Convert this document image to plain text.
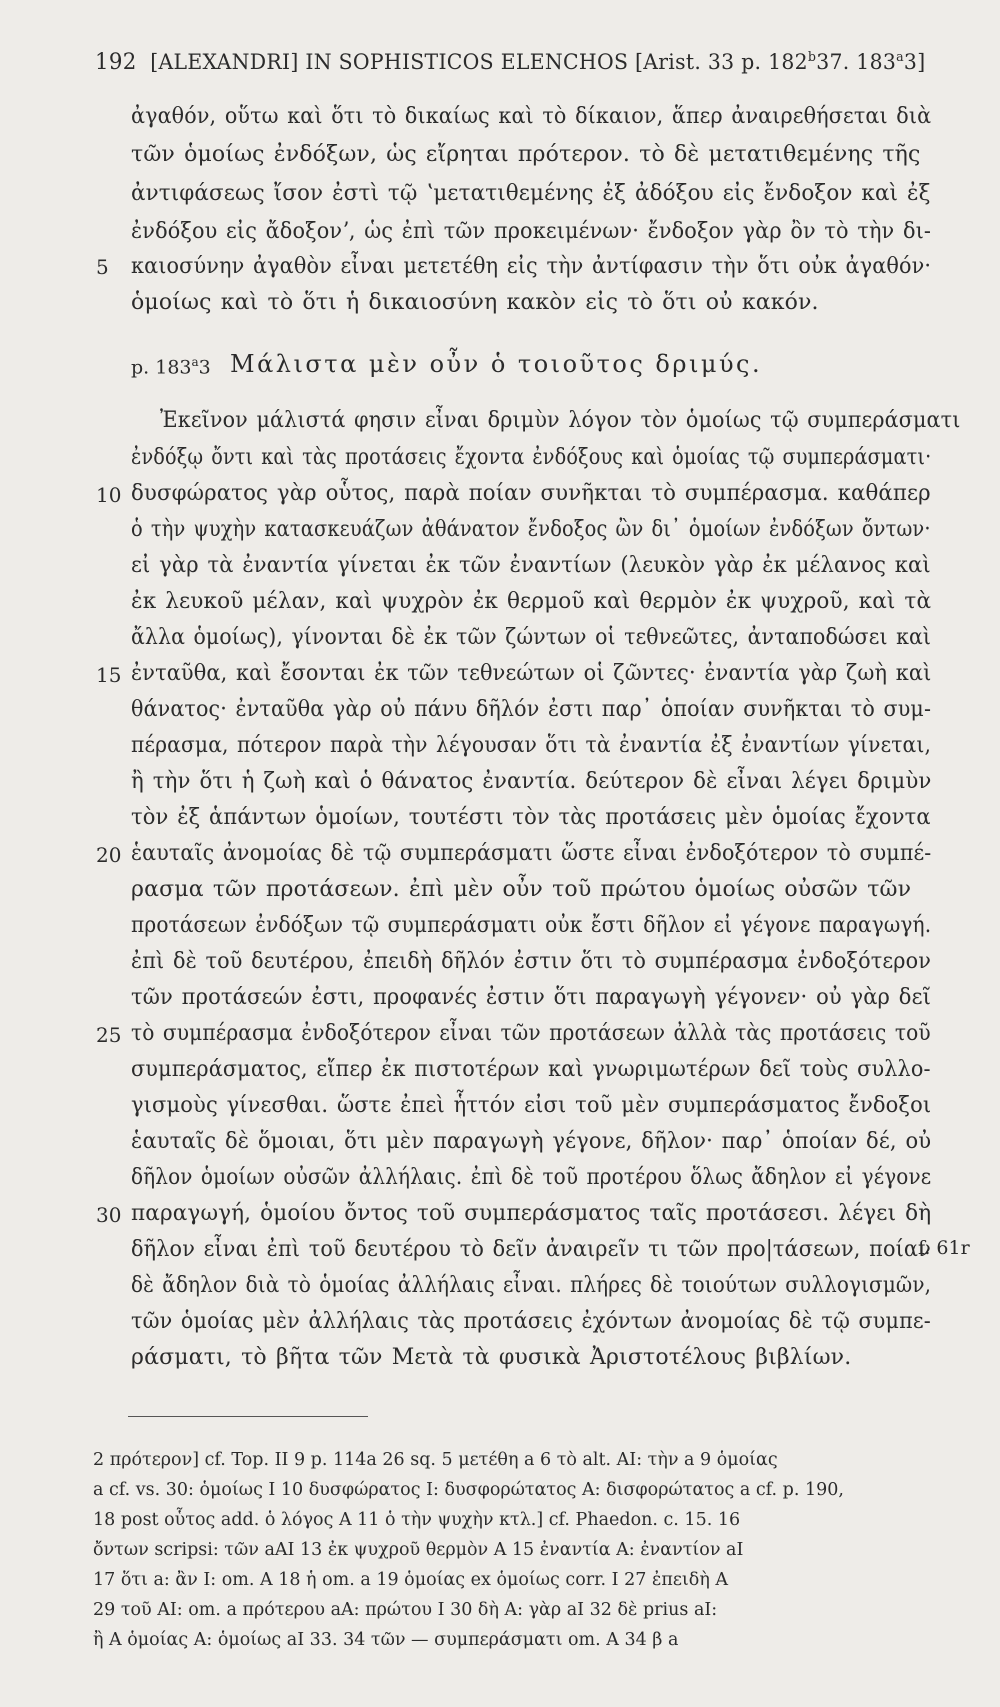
192 [ALEXANDRI] IN SOPHISTICOS ELENCHOS [Arist. 33 p. 182$^b$37. 183$^a$3]
ἀγαθόν, οὕτω καὶ ὅτι τὸ δικαίως καὶ τὸ δίκαιον, ἅπερ ἀναιρεθήσεται διὰ
τῶν ὁμοίως ἐνδόξων, ὡς εἴρηται πρότερον. τὸ δὲ μετατιθεμένης τῆς
ἀντιφάσεως ἴσον ἐστὶ τῷ ʽμετατιθεμένης ἐξ ἀδόξου εἰς ἔνδοξον καὶ ἐξ
ἐνδόξου εἰς ἄδοξονʼ, ὡς ἐπὶ τῶν προκειμένων· ἔνδοξον γὰρ ὂν τὸ τὴν δι-
5	καιοσύνην ἀγαθὸν εἶναι μετετέθη εἰς τὴν ἀντίφασιν τὴν ὅτι οὐκ ἀγαθόν·
ὁμοίως καὶ τὸ ὅτι ἡ δικαιοσύνη κακὸν εἰς τὸ ὅτι οὐ κακόν.
p. 183$^a$3 Μάλιστα μὲν οὖν ὁ τοιοῦτος δριμύς.
Ἐκεῖνον μάλιστά φησιν εἶναι δριμὺν λόγον τὸν ὁμοίως τῷ συμπεράσματι
ἐνδόξῳ ὄντι καὶ τὰς προτάσεις ἔχοντα ἐνδόξους καὶ ὁμοίας τῷ συμπεράσματι·
10 δυσφώρατος γὰρ οὗτος, παρὰ ποίαν συνῆκται τὸ συμπέρασμα. καθάπερ
ὁ τὴν ψυχὴν κατασκευάζων ἀθάνατον ἔνδοξος ὢν δι᾽ ὁμοίων ἐνδόξων ὄντων·
εἰ γὰρ τὰ ἐναντία γίνεται ἐκ τῶν ἐναντίων (λευκὸν γὰρ ἐκ μέλανος καὶ
ἐκ λευκοῦ μέλαν, καὶ ψυχρὸν ἐκ θερμοῦ καὶ θερμὸν ἐκ ψυχροῦ, καὶ τὰ
ἄλλα ὁμοίως), γίνονται δὲ ἐκ τῶν ζώντων οἱ τεθνεῶτες, ἀνταποδώσει καὶ
15 ἐνταῦθα, καὶ ἔσονται ἐκ τῶν τεθνεώτων οἱ ζῶντες· ἐναντία γὰρ ζωὴ καὶ
θάνατος· ἐνταῦθα γὰρ οὐ πάνυ δῆλόν ἐστι παρ᾽ ὁποίαν συνῆκται τὸ συμ-
πέρασμα, πότερον παρὰ τὴν λέγουσαν ὅτι τὰ ἐναντία ἐξ ἐναντίων γίνεται,
ἢ τὴν ὅτι ἡ ζωὴ καὶ ὁ θάνατος ἐναντία. δεύτερον δὲ εἶναι λέγει δριμὺν
τὸν ἐξ ἁπάντων ὁμοίων, τουτέστι τὸν τὰς προτάσεις μὲν ὁμοίας ἔχοντα
20 ἑαυταῖς ἀνομοίας δὲ τῷ συμπεράσματι ὥστε εἶναι ἐνδοξότερον τὸ συμπέ-
ρασμα τῶν προτάσεων. ἐπὶ μὲν οὖν τοῦ πρώτου ὁμοίως οὐσῶν τῶν
προτάσεων ἐνδόξων τῷ συμπεράσματι οὐκ ἔστι δῆλον εἰ γέγονε παραγωγή.
ἐπὶ δὲ τοῦ δευτέρου, ἐπειδὴ δῆλόν ἐστιν ὅτι τὸ συμπέρασμα ἐνδοξότερον
τῶν προτάσεών ἐστι, προφανές ἐστιν ὅτι παραγωγὴ γέγονεν· οὐ γὰρ δεῖ
25 τὸ συμπέρασμα ἐνδοξότερον εἶναι τῶν προτάσεων ἀλλὰ τὰς προτάσεις τοῦ
συμπεράσματος, εἴπερ ἐκ πιστοτέρων καὶ γνωριμωτέρων δεῖ τοὺς συλλο-
γισμοὺς γίνεσθαι. ὥστε ἐπεὶ ἧττόν εἰσι τοῦ μὲν συμπεράσματος ἔνδοξοι
ἑαυταῖς δὲ ὅμοιαι, ὅτι μὲν παραγωγὴ γέγονε, δῆλον· παρ᾽ ὁποίαν δέ, οὐ
δῆλον ὁμοίων οὐσῶν ἀλλήλαις. ἐπὶ δὲ τοῦ προτέρου ὅλως ἄδηλον εἰ γέγονε
30 παραγωγή, ὁμοίου ὄντος τοῦ συμπεράσματος ταῖς προτάσεσι. λέγει δὴ
δῆλον εἶναι ἐπὶ τοῦ δευτέρου τὸ δεῖν ἀναιρεῖν τι τῶν προ|τάσεων, ποίαν
δὲ ἄδηλον διὰ τὸ ὁμοίας ἀλλήλαις εἶναι. πλήρες δὲ τοιούτων συλλογισμῶν,
τῶν ὁμοίας μὲν ἀλλήλαις τὰς προτάσεις ἐχόντων ἀνομοίας δὲ τῷ συμπε-
ράσματι, τὸ βῆτα τῶν Μετὰ τὰ φυσικὰ Ἀριστοτέλους βιβλίων.
f. 61r
2 πρότερον] cf. Top. II 9 p. 114a 26 sq. 5 μετέθη a 6 τὸ alt. AI: τὴν a 9 ὁμοίας
a cf. vs. 30: ὁμοίως I 10 δυσφώρατος I: δυσφορώτατος A: δισφορώτατος a cf. p. 190,
18 post οὗτος add. ὁ λόγος A 11 ὁ τὴν ψυχὴν κτλ.] cf. Phaedon. c. 15. 16
ὄντων scripsi: τῶν aAI 13 ἐκ ψυχροῦ θερμὸν A 15 ἐναντία A: ἐναντίον aI
17 ὅτι a: ἂν I: om. A 18 ἡ om. a 19 ὁμοίας ex ὁμοίως corr. I 27 ἐπειδὴ A
29 τοῦ AI: om. a πρότερου aA: πρώτου I 30 δὴ A: γὰρ aI 32 δὲ prius aI:
ἢ A ὁμοίας A: ὁμοίως aI 33. 34 τῶν — συμπεράσματι om. A 34 β a
